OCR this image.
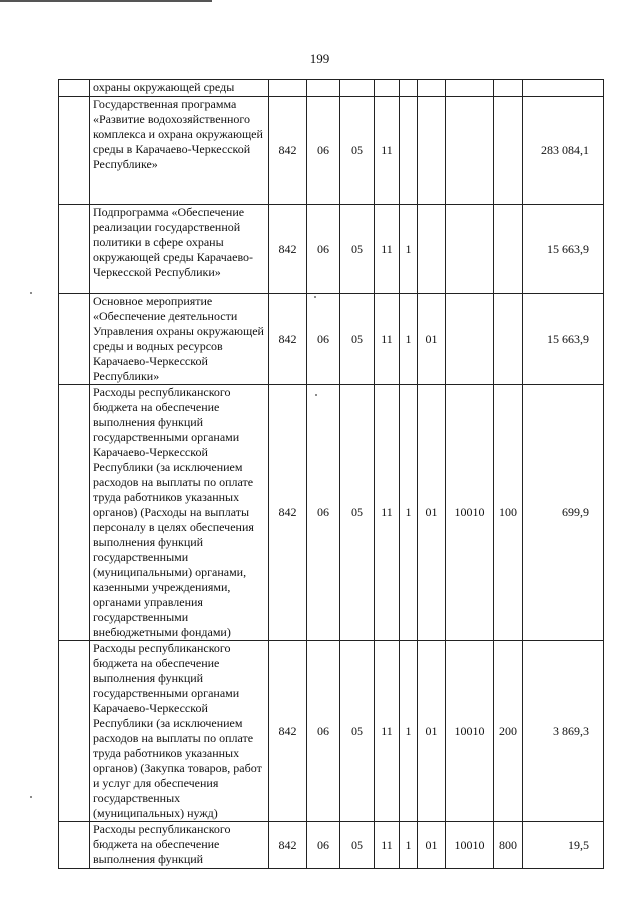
199
	охраны окружающей среды									
	Государственная программа «Развитие водохозяйственного комплекса и охрана окружающей среды в Карачаево-Черкесской Республике»	842	06	05	11					283 084,1
	Подпрограмма «Обеспечение реализации государственной политики в сфере охраны окружающей среды Карачаево-Черкесской Республики»	842	06	05	11	1				15 663,9
	Основное мероприятие «Обеспечение деятельности Управления охраны окружающей среды и водных ресурсов Карачаево-Черкесской Республики»	842	06	05	11	1	01			15 663,9
	Расходы республиканского бюджета на обеспечение выполнения функций государственными органами Карачаево-Черкесской Республики (за исключением расходов на выплаты по оплате труда работников указанных органов) (Расходы на выплаты персоналу в целях обеспечения выполнения функций государственными (муниципальными) органами, казенными учреждениями, органами управления государственными внебюджетными фондами)	842	06	05	11	1	01	10010	100	699,9
	Расходы республиканского бюджета на обеспечение выполнения функций государственными органами Карачаево-Черкесской Республики (за исключением расходов на выплаты по оплате труда работников указанных органов) (Закупка товаров, работ и услуг для обеспечения государственных (муниципальных) нужд)	842	06	05	11	1	01	10010	200	3 869,3
	Расходы республиканского бюджета на обеспечение выполнения функций	842	06	05	11	1	01	10010	800	19,5
